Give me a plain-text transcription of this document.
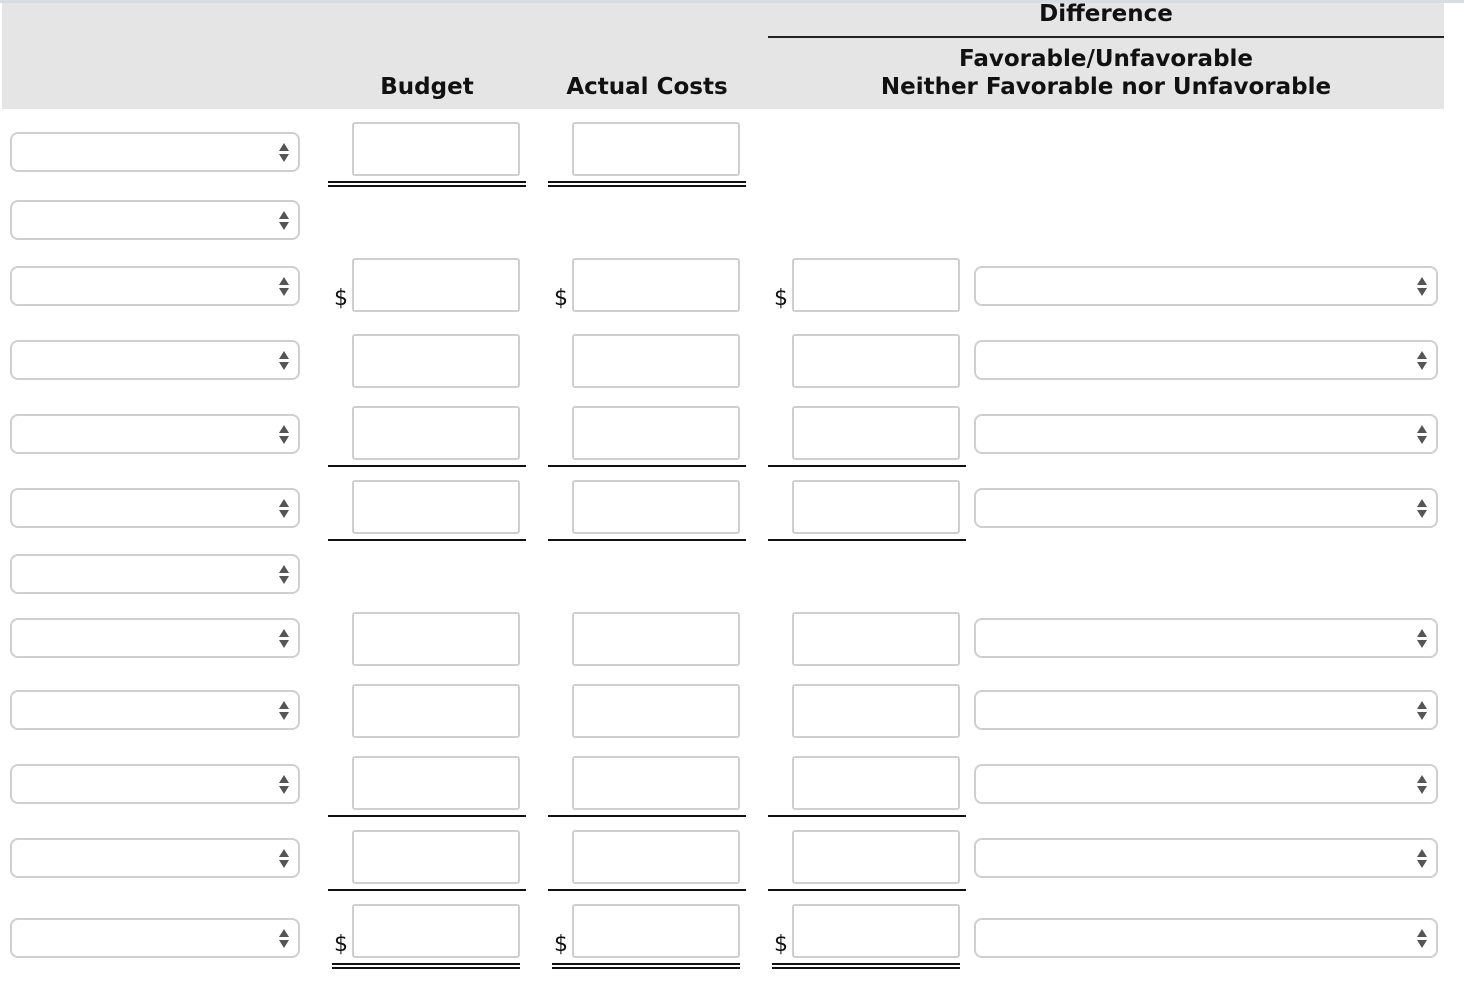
Difference
Favorable/Unfavorable
Neither Favorable nor Unfavorable
Budget	Actual Costs
$	$	$
$	$	$
